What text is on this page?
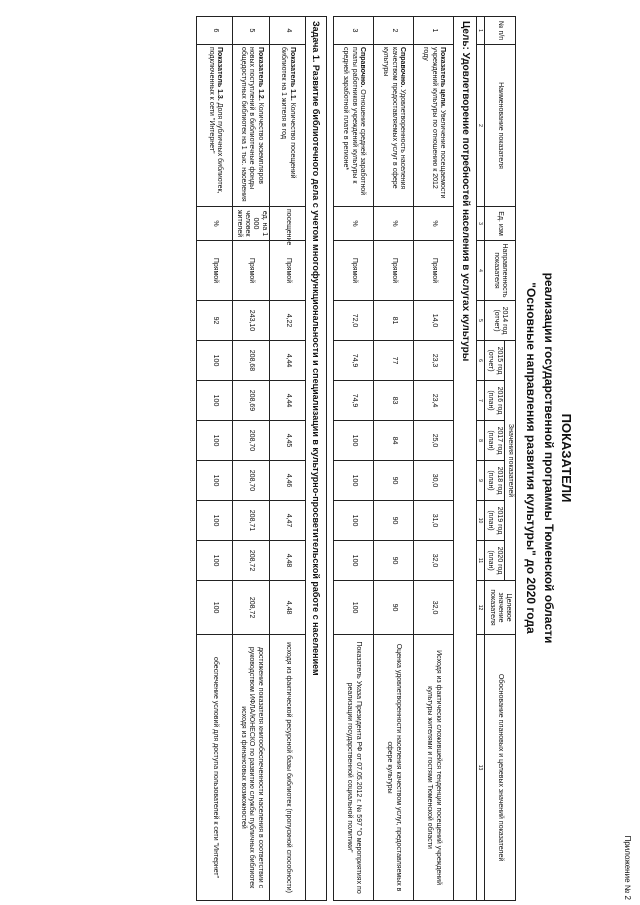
Приложение № 2
ПОКАЗАТЕЛИ
реализации государственной программы Тюменской области
"Основные направления развития культуры" до 2020 года
№ п/п	Наименование показателя	Ед. изм	Направленность показателя	2014 год (отчет)	Значения показателей						Целевое значение показателя	Обоснование плановых и целевых значений показателей
					2015 год (отчет)	2016 год (план)	2017 год (план)	2018 год (план)	2019 год (план)	2020 год (план)		
1	2	3	4	5	6	7	8	9	10	11	12	13
Цель: Удовлетворение потребностей населения в услугах культуры												
1	Показатель цели. Увеличение посещаемости учреждений культуры по отношению к 2012 году	%	Прямой	14,0	23,3	23,4	25,0	30,0	31,0	32,0	32,0	Исходя из фактически сложившейся тенденции посещений учреждений культуры жителями и гостями Тюменской области
2	Справочно. Удовлетворенность населения качеством предоставляемых услуг в сфере культуры	%	Прямой	81	77	83	84	90	90	90	90	Оценка удовлетворенности населения качеством услуг, предоставляемых в сфере культуры
3	Справочно. Отношение средней заработной платы работников учреждений культуры к средней заработной плате в регионе*	%	Прямой	72,0	74,9	74,9	100	100	100	100	100	Показатель Указа Президента РФ от 07.05.2012 г. № 597 "О мероприятиях по реализации государственной социальной политики"

Задача 1. Развитие библиотечного дела с учетом многофункциональности и специализации в культурно-просветительской работе с населением												
4	Показатель 1.1. Количество посещений библиотек на 1 жителя в год	посещение	Прямой	4,22	4,44	4,44	4,45	4,46	4,47	4,48	4,48	исходя из фактической ресурсной базы библиотек (пропускной способности)
5	Показатель 1.2. Количество экземпляров новых поступлений в библиотечные фонды общедоступных библиотек на 1 тыс. населения	ед. на 1 000 человек жителей	Прямой	243,10	208,68	208,69	208,70	208,70	208,71	208,72	208,72	достижение показателя книгообеспеченности населения в соответствии с руководством ИФЛА/ЮНЕСКО по развитию службы публичных библиотек исходя из финансовых возможностей
6	Показатель 1.3. Доля публичных библиотек, подключенных к сети "Интернет"	%	Прямой	92	100	100	100	100	100	100	100	обеспечение условий для доступа пользователей к сети "Интернет"
